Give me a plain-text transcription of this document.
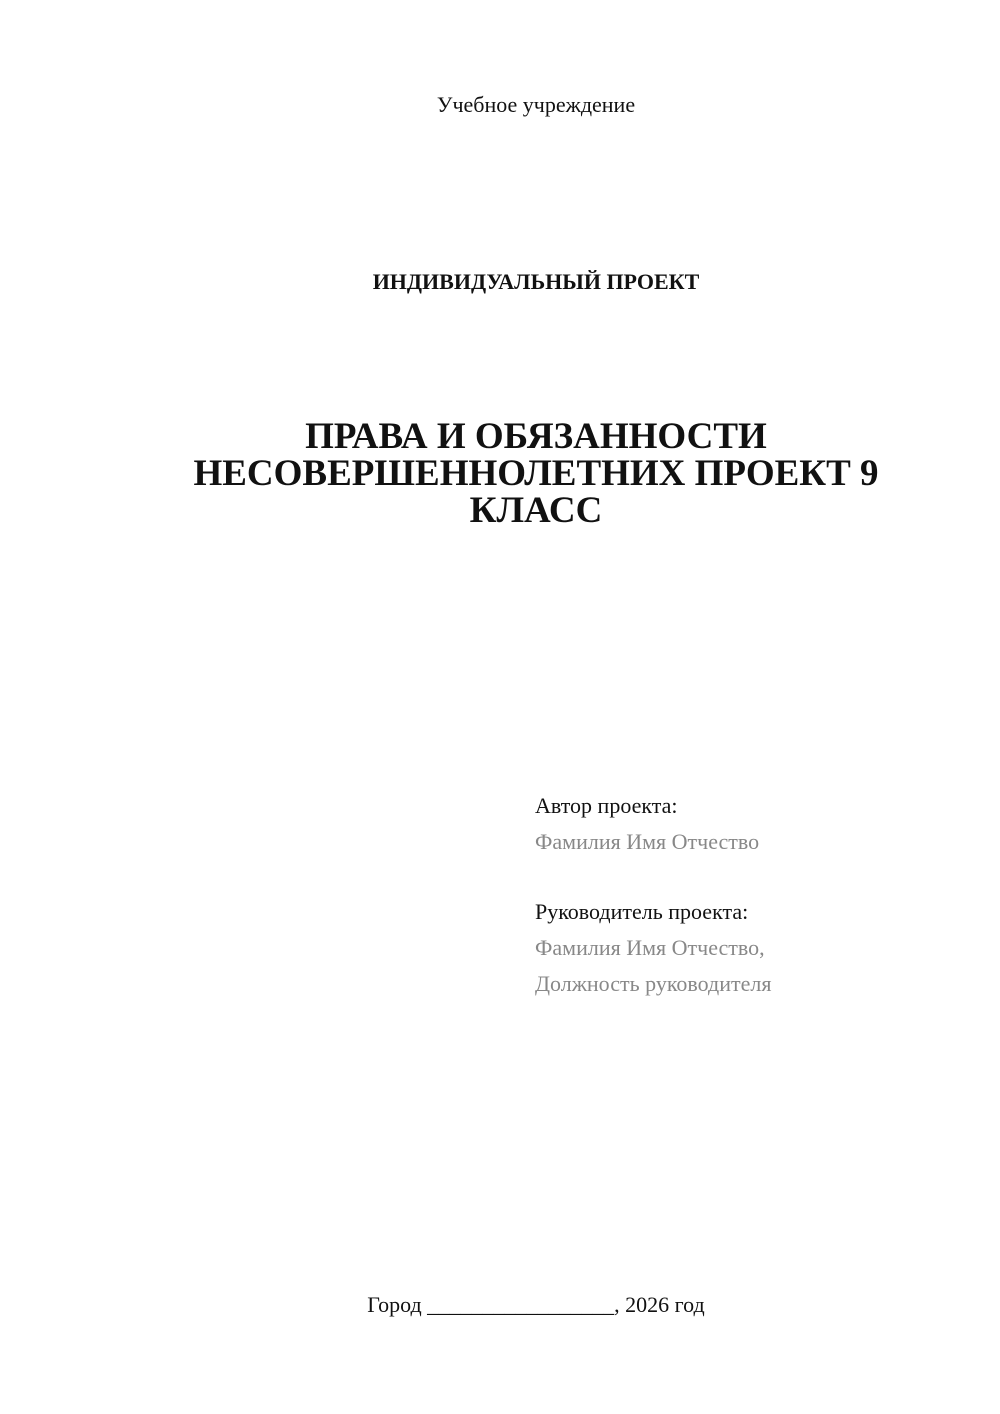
Учебное учреждение
ИНДИВИДУАЛЬНЫЙ ПРОЕКТ
ПРАВА И ОБЯЗАННОСТИ
НЕСОВЕРШЕННОЛЕТНИХ ПРОЕКТ 9
КЛАСС
Автор проекта:
Фамилия Имя Отчество
Руководитель проекта:
Фамилия Имя Отчество,
Должность руководителя
Город _________________, 2026 год
